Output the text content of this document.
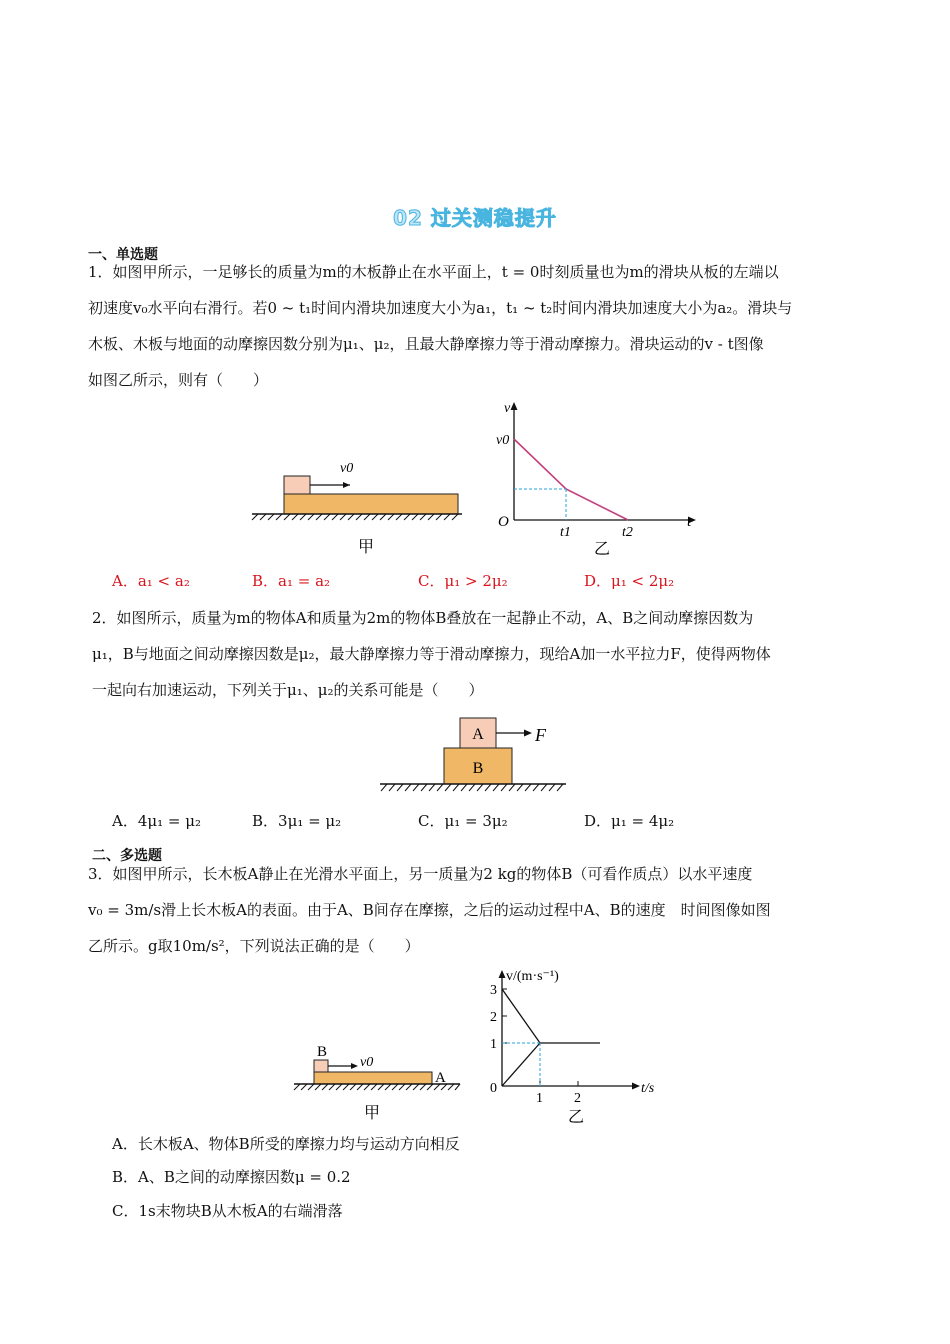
02 过关测稳提升
一、单选题
1．如图甲所示，一足够长的质量为m的木板静止在水平面上，t = 0时刻质量也为m的滑块从板的左端以
初速度v₀水平向右滑行。若0 ~ t₁时间内滑块加速度大小为a₁，t₁ ~ t₂时间内滑块加速度大小为a₂。滑块与
木板、木板与地面的动摩擦因数分别为μ₁、μ₂，且最大静摩擦力等于滑动摩擦力。滑块运动的v - t图像
如图乙所示，则有（　　）
v0
甲
v
v0
O
t1	t2
t
乙
A．a₁ < a₂	B．a₁ = a₂	C．μ₁ > 2μ₂	D．μ₁ < 2μ₂
2．如图所示，质量为m的物体A和质量为2m的物体B叠放在一起静止不动，A、B之间动摩擦因数为
μ₁，B与地面之间动摩擦因数是μ₂，最大静摩擦力等于滑动摩擦力，现给A加一水平拉力F，使得两物体
一起向右加速运动，下列关于μ₁、μ₂的关系可能是（　　）
A
B
F
A．4μ₁ = μ₂	B．3μ₁ = μ₂	C．μ₁ = 3μ₂	D．μ₁ = 4μ₂
二、多选题
3．如图甲所示，长木板A静止在光滑水平面上，另一质量为2 kg的物体B（可看作质点）以水平速度
v₀ = 3m/s滑上长木板A的表面。由于A、B间存在摩擦，之后的运动过程中A、B的速度　时间图像如图
乙所示。g取10m/s²，下列说法正确的是（　　）
B
v0
A
甲
v/(m·s⁻¹)
3
2
1
0
1 2
t/s
乙
A．长木板A、物体B所受的摩擦力均与运动方向相反
B．A、B之间的动摩擦因数μ = 0.2
C．1s末物块B从木板A的右端滑落
